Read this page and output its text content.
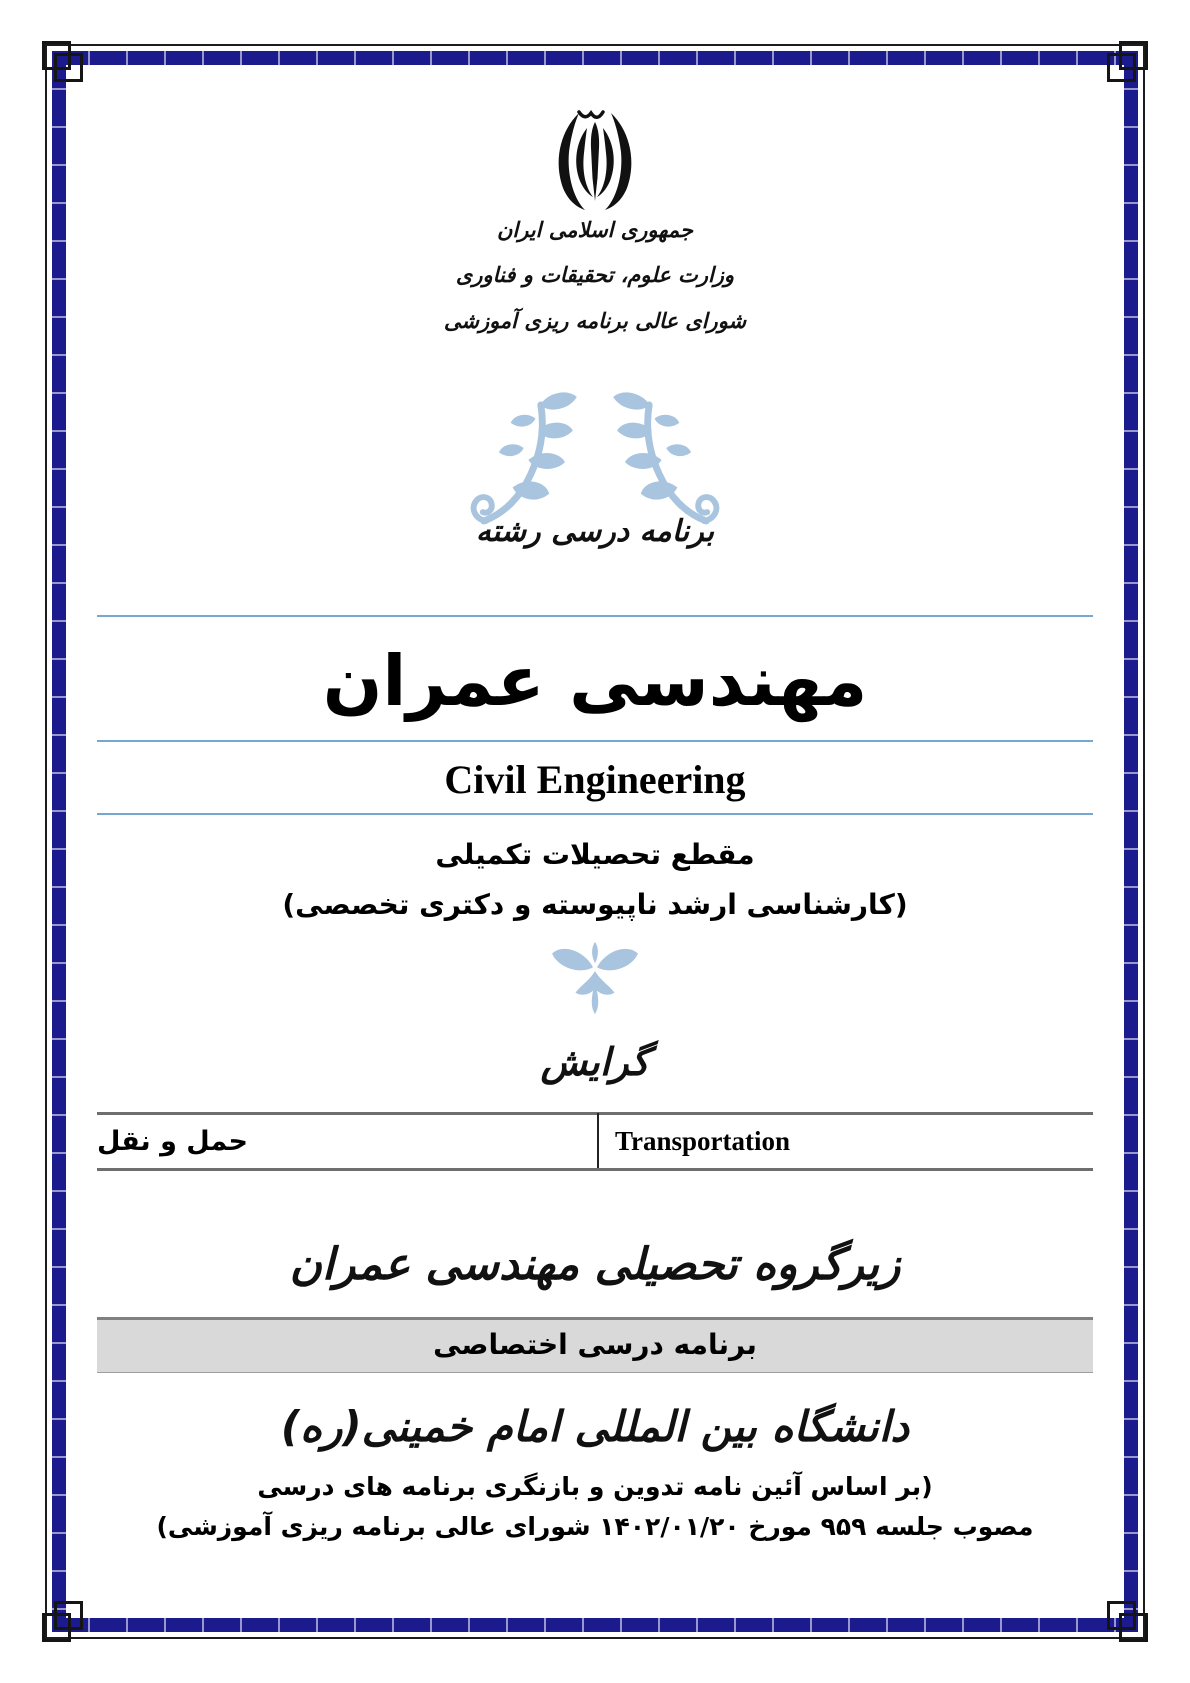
جمهوری اسلامی ایران
وزارت علوم، تحقیقات و فناوری
شورای عالی برنامه ریزی آموزشی
برنامه درسی رشته
مهندسی عمران
Civil Engineering
مقطع تحصیلات تکمیلی
(کارشناسی ارشد ناپیوسته و دکتری تخصصی)
گرایش
Transportation
حمل و نقل
زیرگروه تحصیلی مهندسی عمران
برنامه درسی اختصاصی
دانشگاه بین المللی امام خمینی(ره)
(بر اساس آئین نامه تدوین و بازنگری برنامه های درسی
مصوب جلسه ۹۵۹ مورخ ۱۴۰۲/۰۱/۲۰ شورای عالی برنامه ریزی آموزشی)
